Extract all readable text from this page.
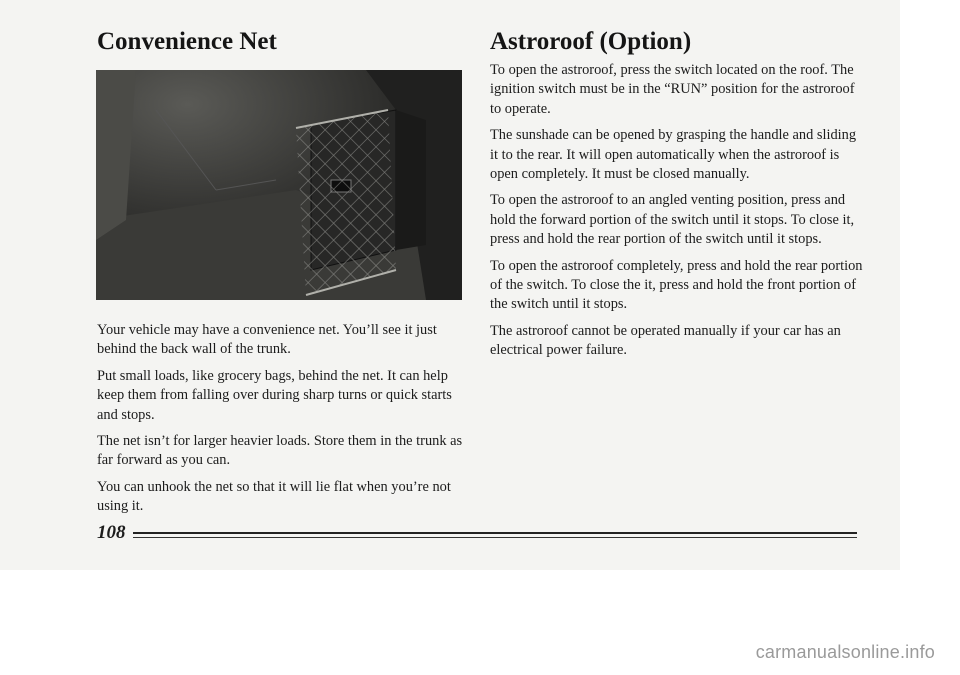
Convenience Net	Astroroof (Option)

Your vehicle may have a convenience net. You’ll see it just behind the back wall of the trunk.

Put small loads, like grocery bags, behind the net. It can help keep them from falling over during sharp turns or quick starts and stops.

The net isn’t for larger heavier loads. Store them in the trunk as far forward as you can.

You can unhook the net so that it will lie flat when you’re not using it.

To open the astroroof, press the switch located on the roof. The ignition switch must be in the “RUN” position for the astroroof to operate.

The sunshade can be opened by grasping the handle and sliding it to the rear. It will open automatically when the astroroof is open completely. It must be closed manually.

To open the astroroof to an angled venting position, press and hold the forward portion of the switch until it stops. To close it, press and hold the rear portion of the switch until it stops.

To open the astroroof completely, press and hold the rear portion of the switch. To close the it, press and hold the front portion of the switch until it stops.

The astroroof cannot be operated manually if your car has an electrical power failure.

108
carmanualsonline.info
